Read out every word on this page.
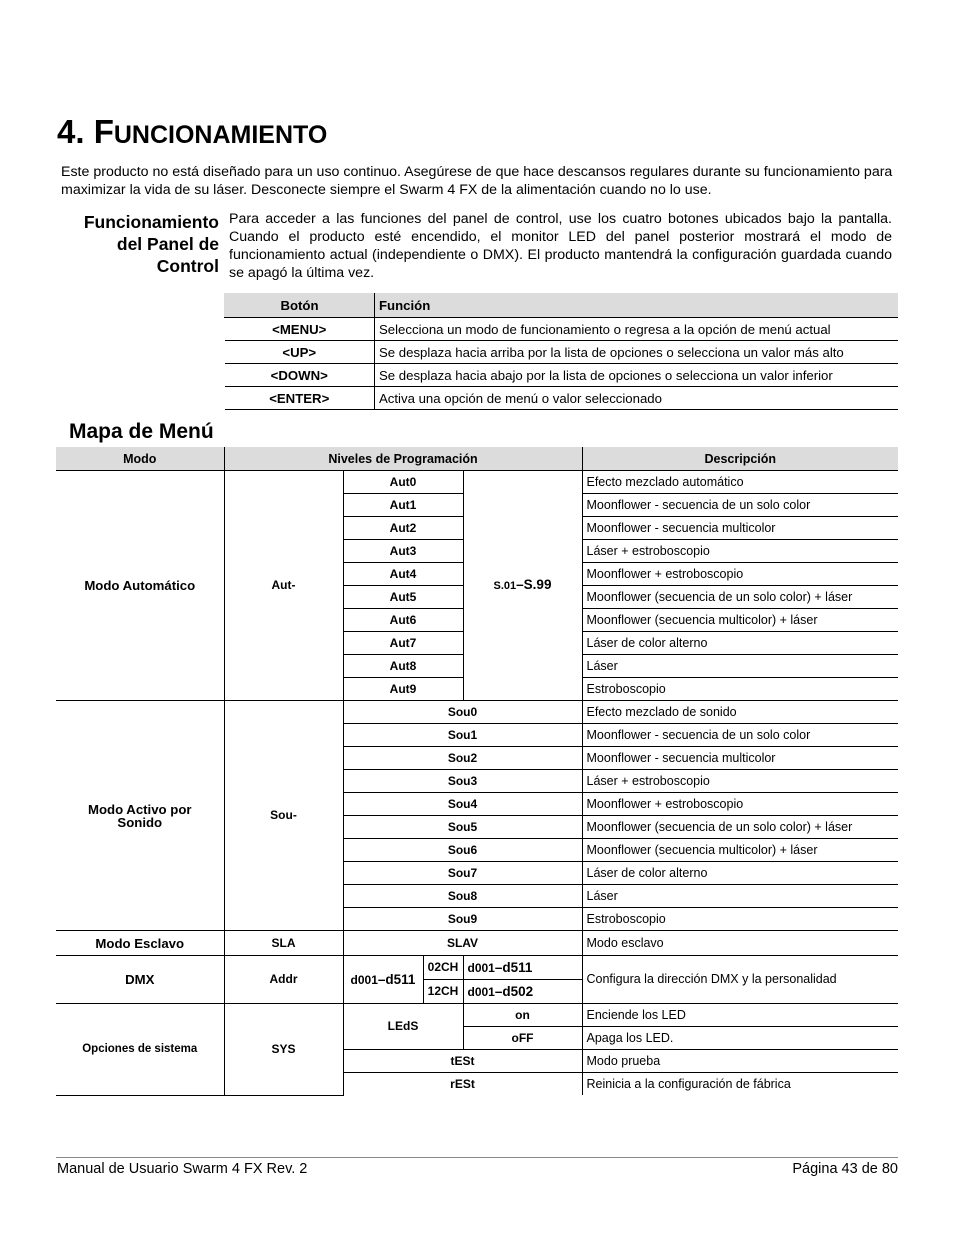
4. FUNCIONAMIENTO

Este producto no está diseñado para un uso continuo. Asegúrese de que hace descansos regulares durante su funcionamiento para maximizar la vida de su láser. Desconecte siempre el Swarm 4 FX de la alimentación cuando no lo use.

Funcionamiento
del Panel de
Control

Para acceder a las funciones del panel de control, use los cuatro botones ubicados bajo la pantalla. Cuando el producto esté encendido, el monitor LED del panel posterior mostrará el modo de funcionamiento actual (independiente o DMX). El producto mantendrá la configuración guardada cuando se apagó la última vez.

Botón	Función
<MENU>	Selecciona un modo de funcionamiento o regresa a la opción de menú actual
<UP>	Se desplaza hacia arriba por la lista de opciones o selecciona un valor más alto
<DOWN>	Se desplaza hacia abajo por la lista de opciones o selecciona un valor inferior
<ENTER>	Activa una opción de menú o valor seleccionado
Mapa de Menú
Modo	Niveles de Programación				Descripción
Modo Automático	Aut-	Aut0		S.01–S.99	Efecto mezclado automático
		Aut1			Moonflower - secuencia de un solo color
		Aut2			Moonflower - secuencia multicolor
		Aut3			Láser + estroboscopio
		Aut4			Moonflower + estroboscopio
		Aut5			Moonflower (secuencia de un solo color) + láser
		Aut6			Moonflower (secuencia multicolor) + láser
		Aut7			Láser de color alterno
		Aut8			Láser
		Aut9			Estroboscopio
Modo Activo por
Sonido	Sou-	Sou0			Efecto mezclado de sonido
		Sou1			Moonflower - secuencia de un solo color
		Sou2			Moonflower - secuencia multicolor
		Sou3			Láser + estroboscopio
		Sou4			Moonflower + estroboscopio
		Sou5			Moonflower (secuencia de un solo color) + láser
		Sou6			Moonflower (secuencia multicolor) + láser
		Sou7			Láser de color alterno
		Sou8			Láser
		Sou9			Estroboscopio
Modo Esclavo	SLA	SLAV			Modo esclavo
DMX	Addr	d001–d511	02CH	d001–d511	Configura la dirección DMX y la personalidad
			12CH	d001–d502	
Opciones de sistema	SYS	LEdS		on	Enciende los LED
				oFF	Apaga los LED.
		tESt			Modo prueba
		rESt			Reinicia a la configuración de fábrica

Manual de Usuario Swarm 4 FX Rev. 2	Página 43 de 80
